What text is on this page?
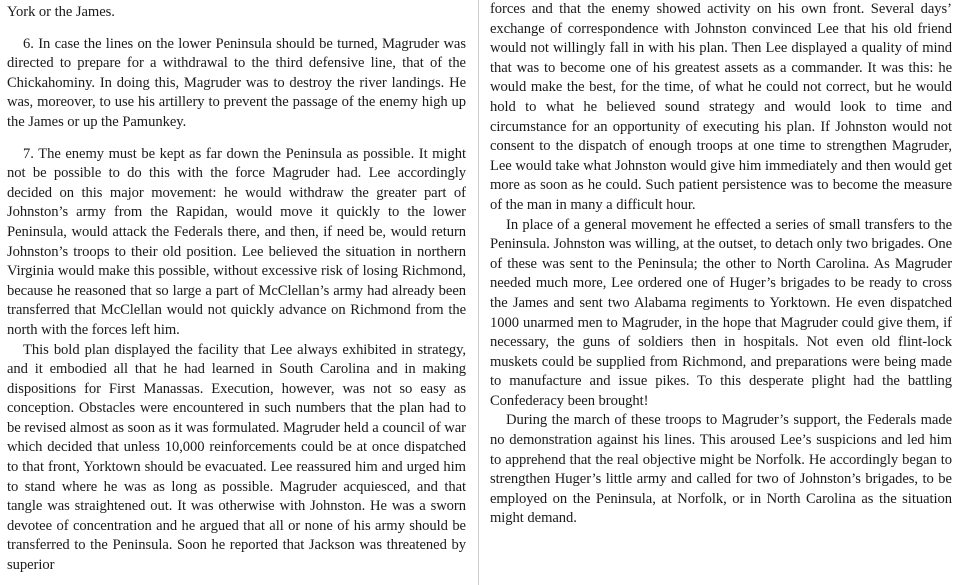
York or the James.

6. In case the lines on the lower Peninsula should be turned, Magruder was directed to prepare for a withdrawal to the third defensive line, that of the Chickahominy. In doing this, Magruder was to destroy the river landings. He was, moreover, to use his artillery to prevent the passage of the enemy high up the James or up the Pamunkey.

7. The enemy must be kept as far down the Peninsula as possible. It might not be possible to do this with the force Magruder had. Lee accordingly decided on this major movement: he would withdraw the greater part of Johnston’s army from the Rapidan, would move it quickly to the lower Peninsula, would attack the Federals there, and then, if need be, would return Johnston’s troops to their old position. Lee believed the situation in northern Virginia would make this possible, without excessive risk of losing Richmond, because he reasoned that so large a part of McClellan’s army had already been transferred that McClellan would not quickly advance on Richmond from the north with the forces left him.

This bold plan displayed the facility that Lee always exhibited in strategy, and it embodied all that he had learned in South Carolina and in making dispositions for First Manassas. Execution, however, was not so easy as conception. Obstacles were encountered in such numbers that the plan had to be revised almost as soon as it was formulated. Magruder held a council of war which decided that unless 10,000 reinforcements could be at once dispatched to that front, Yorktown should be evacuated. Lee reassured him and urged him to stand where he was as long as possible. Magruder acquiesced, and that tangle was straightened out. It was otherwise with Johnston. He was a sworn devotee of concentration and he argued that all or none of his army should be transferred to the Peninsula. Soon he reported that Jackson was threatened by superior

forces and that the enemy showed activity on his own front. Several days’ exchange of correspondence with Johnston convinced Lee that his old friend would not willingly fall in with his plan. Then Lee displayed a quality of mind that was to become one of his greatest assets as a commander. It was this: he would make the best, for the time, of what he could not correct, but he would hold to what he believed sound strategy and would look to time and circumstance for an opportunity of executing his plan. If Johnston would not consent to the dispatch of enough troops at one time to strengthen Magruder, Lee would take what Johnston would give him immediately and then would get more as soon as he could. Such patient persistence was to become the measure of the man in many a difficult hour.

In place of a general movement he effected a series of small transfers to the Peninsula. Johnston was willing, at the outset, to detach only two brigades. One of these was sent to the Peninsula; the other to North Carolina. As Magruder needed much more, Lee ordered one of Huger’s brigades to be ready to cross the James and sent two Alabama regiments to Yorktown. He even dispatched 1000 unarmed men to Magruder, in the hope that Magruder could give them, if necessary, the guns of soldiers then in hospitals. Not even old flint-lock muskets could be supplied from Richmond, and preparations were being made to manufacture and issue pikes. To this desperate plight had the battling Confederacy been brought!

During the march of these troops to Magruder’s support, the Federals made no demonstration against his lines. This aroused Lee’s suspicions and led him to apprehend that the real objective might be Norfolk. He accordingly began to strengthen Huger’s little army and called for two of Johnston’s brigades, to be employed on the Peninsula, at Norfolk, or in North Carolina as the situation might demand.
